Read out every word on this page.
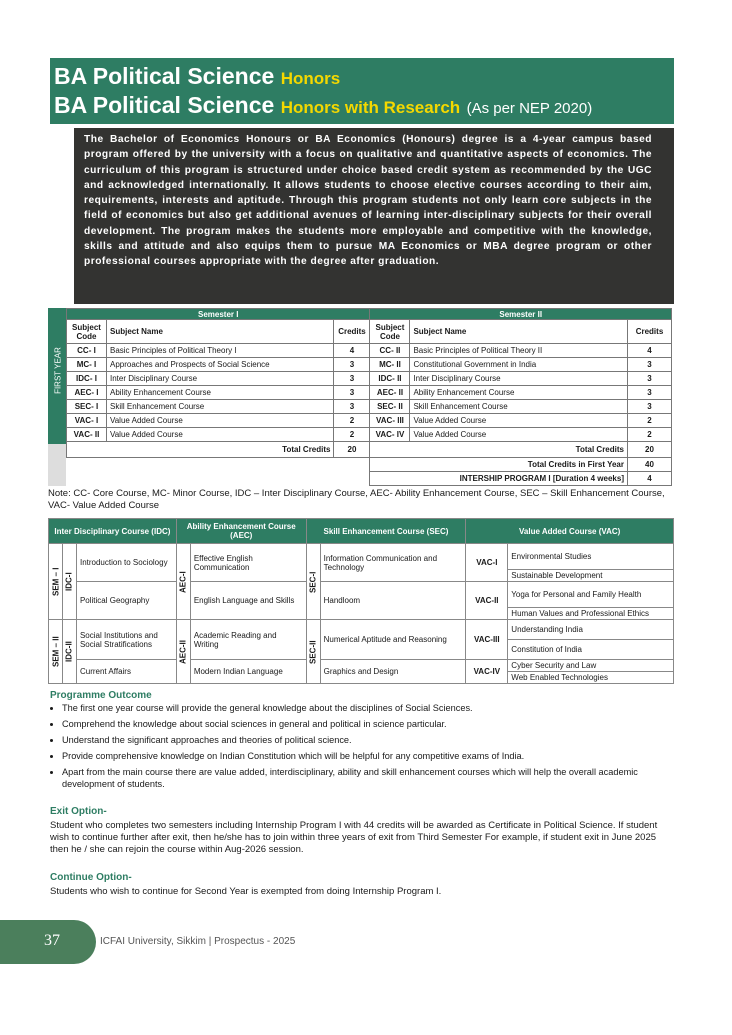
BA Political Science Honors
BA Political Science Honors with Research (As per NEP 2020)
The Bachelor of Economics Honours or BA Economics (Honours) degree is a 4-year campus based program offered by the university with a focus on qualitative and quantitative aspects of economics. The curriculum of this program is structured under choice based credit system as recommended by the UGC and acknowledged internationally. It allows students to choose elective courses according to their aim, requirements, interests and aptitude. Through this program students not only learn core subjects in the field of economics but also get additional avenues of learning inter-disciplinary subjects for their overall development. The program makes the students more employable and competitive with the knowledge, skills and attitude and also equips them to pursue MA Economics or MBA degree program or other professional courses appropriate with the degree after graduation.
FIRST YEAR
Semester I			Semester II		
Subject Code	Subject Name	Credits	Subject Code	Subject Name	Credits
CC- I	Basic Principles of Political Theory I	4	CC- II	Basic Principles of Political Theory II	4
MC- I	Approaches and Prospects of Social Science	3	MC- II	Constitutional Government in India	3
IDC- I	Inter Disciplinary Course	3	IDC- II	Inter Disciplinary Course	3
AEC- I	Ability Enhancement Course	3	AEC- II	Ability Enhancement Course	3
SEC- I	Skill Enhancement Course	3	SEC- II	Skill Enhancement Course	3
VAC- I	Value Added Course	2	VAC- III	Value Added Course	2
VAC- II	Value Added Course	2	VAC- IV	Value Added Course	2
Total Credits		20	Total Credits		20
			Total Credits in First Year		40
			INTERSHIP PROGRAM I [Duration 4 weeks]		4
Note: CC- Core Course, MC- Minor Course, IDC – Inter Disciplinary Course, AEC- Ability Enhancement Course, SEC – Skill Enhancement Course, VAC- Value Added Course
Inter Disciplinary Course (IDC)			Ability Enhancement Course (AEC)		Skill Enhancement Course (SEC)		Value Added Course (VAC)	
SEM – I	IDC-I	Introduction to Sociology	AEC-I	Effective English Communication	SEC-I	Information Communication and Technology	VAC-I	Environmental Studies
								Sustainable Development
		Political Geography		English Language and Skills		Handloom	VAC-II	Yoga for Personal and Family Health
								Human Values and Professional Ethics
SEM – II	IDC-II	Social Institutions and Social Stratifications	AEC-II	Academic Reading and Writing	SEC-II	Numerical Aptitude and Reasoning	VAC-III	Understanding India
								Constitution of India
		Current Affairs		Modern Indian Language		Graphics and Design	VAC-IV	Cyber Security and Law
								Web Enabled Technologies
Programme Outcome
• The first one year course will provide the general knowledge about the disciplines of Social Sciences.
• Comprehend the knowledge about social sciences in general and political in science particular.
• Understand the significant approaches and theories of political science.
• Provide comprehensive knowledge on Indian Constitution which will be helpful for any competitive exams of India.
• Apart from the main course there are value added, interdisciplinary, ability and skill enhancement courses which will help the overall academic development of students.
Exit Option-
Student who completes two semesters including Internship Program I with 44 credits will be awarded as Certificate in Political Science. If student wish to continue further after exit, then he/she has to join within three years of exit from Third Semester For example, if student exit in June 2025 then he / she can rejoin the course within Aug-2026 session.
Continue Option-
Students who wish to continue for Second Year is exempted from doing Internship Program I.
37	ICFAI University, Sikkim | Prospectus - 2025
